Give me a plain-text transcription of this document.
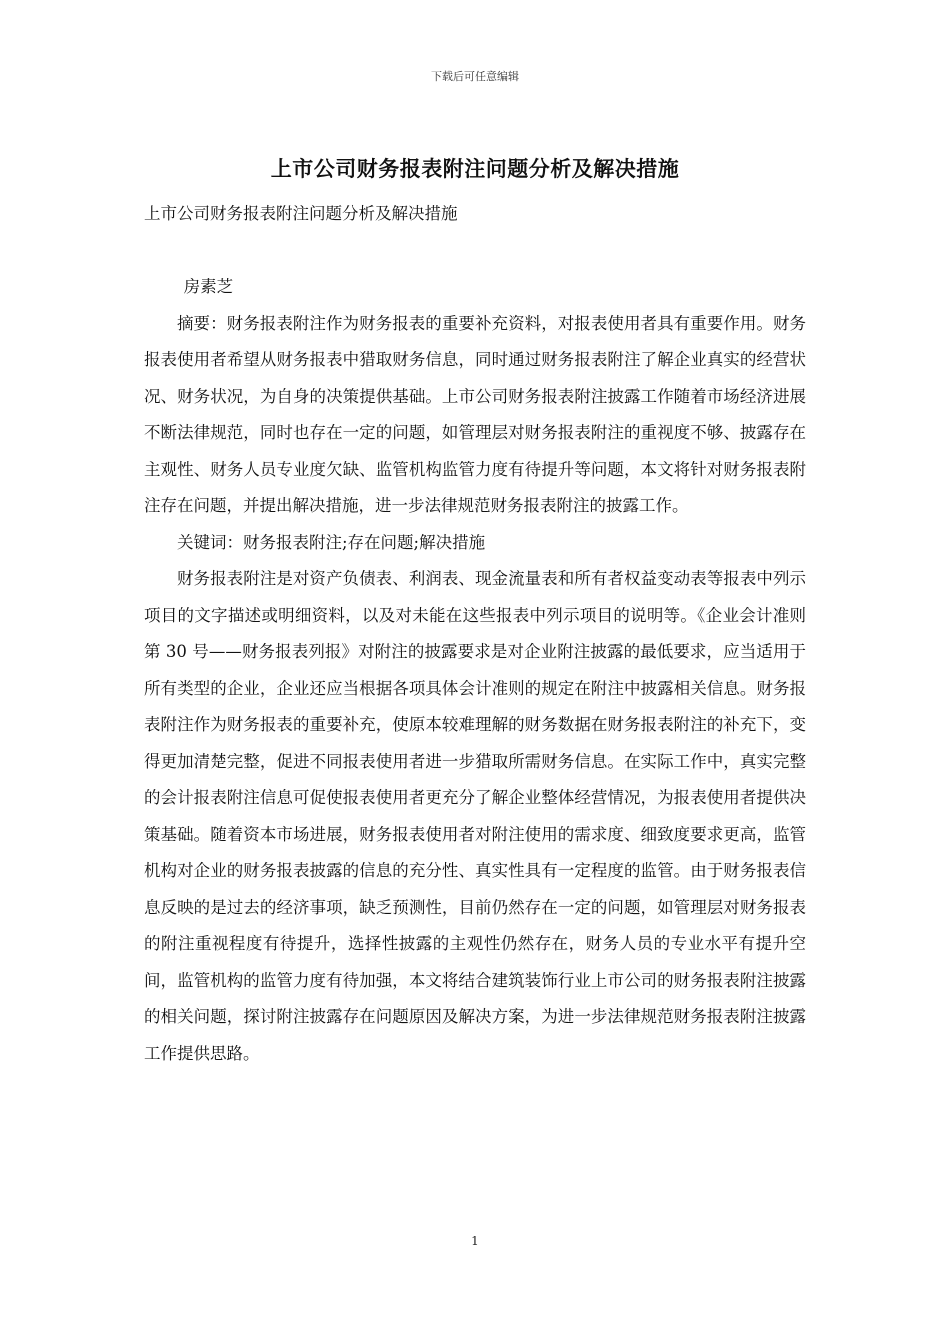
下载后可任意编辑
上市公司财务报表附注问题分析及解决措施

上市公司财务报表附注问题分析及解决措施

房素芝

摘要：财务报表附注作为财务报表的重要补充资料，对报表使用者具有重要作用。财务报表使用者希望从财务报表中猎取财务信息，同时通过财务报表附注了解企业真实的经营状况、财务状况，为自身的决策提供基础。上市公司财务报表附注披露工作随着市场经济进展不断法律规范，同时也存在一定的问题，如管理层对财务报表附注的重视度不够、披露存在主观性、财务人员专业度欠缺、监管机构监管力度有待提升等问题，本文将针对财务报表附注存在问题，并提出解决措施，进一步法律规范财务报表附注的披露工作。

关键词：财务报表附注;存在问题;解决措施

财务报表附注是对资产负债表、利润表、现金流量表和所有者权益变动表等报表中列示项目的文字描述或明细资料，以及对未能在这些报表中列示项目的说明等。《企业会计准则第 30 号——财务报表列报》对附注的披露要求是对企业附注披露的最低要求，应当适用于所有类型的企业，企业还应当根据各项具体会计准则的规定在附注中披露相关信息。财务报表附注作为财务报表的重要补充，使原本较难理解的财务数据在财务报表附注的补充下，变得更加清楚完整，促进不同报表使用者进一步猎取所需财务信息。在实际工作中，真实完整的会计报表附注信息可促使报表使用者更充分了解企业整体经营情况，为报表使用者提供决策基础。随着资本市场进展，财务报表使用者对附注使用的需求度、细致度要求更高，监管机构对企业的财务报表披露的信息的充分性、真实性具有一定程度的监管。由于财务报表信息反映的是过去的经济事项，缺乏预测性，目前仍然存在一定的问题，如管理层对财务报表的附注重视程度有待提升，选择性披露的主观性仍然存在，财务人员的专业水平有提升空间，监管机构的监管力度有待加强，本文将结合建筑装饰行业上市公司的财务报表附注披露的相关问题，探讨附注披露存在问题原因及解决方案，为进一步法律规范财务报表附注披露工作提供思路。

1
